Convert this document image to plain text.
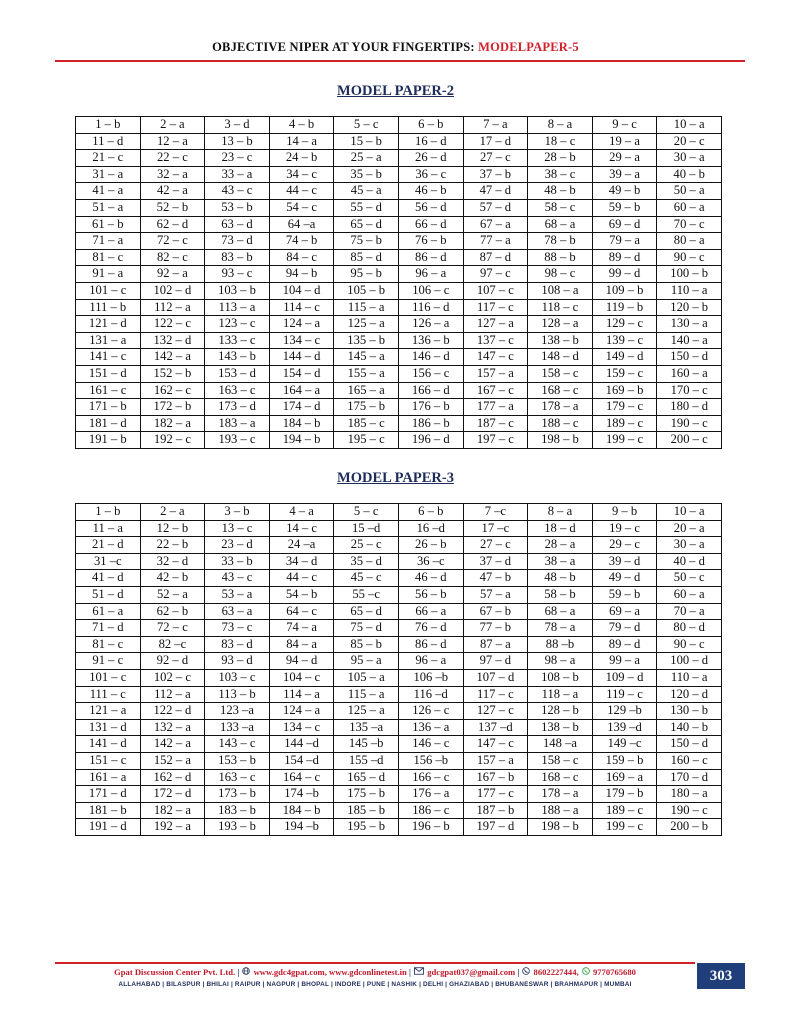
OBJECTIVE NIPER AT YOUR FINGERTIPS: MODELPAPER-5
MODEL PAPER-2
1 – b	2 – a	3 – d	4 – b	5 – c	6 – b	7 – a	8 – a	9 – c	10 – a
11 – d	12 – a	13 – b	14 – a	15 – b	16 – d	17 – d	18 – c	19 – a	20 – c
21 – c	22 – c	23 – c	24 – b	25 – a	26 – d	27 – c	28 – b	29 – a	30 – a
31 – a	32 – a	33 – a	34 – c	35 – b	36 – c	37 – b	38 – c	39 – a	40 – b
41 – a	42 – a	43 – c	44 – c	45 – a	46 – b	47 – d	48 – b	49 – b	50 – a
51 – a	52 – b	53 – b	54 – c	55 – d	56 – d	57 – d	58 – c	59 – b	60 – a
61 – b	62 – d	63 – d	64 –a	65 – d	66 – d	67 – a	68 – a	69 – d	70 – c
71 – a	72 – c	73 – d	74 – b	75 – b	76 – b	77 – a	78 – b	79 – a	80 – a
81 – c	82 – c	83 – b	84 – c	85 – d	86 – d	87 – d	88 – b	89 – d	90 – c
91 – a	92 – a	93 – c	94 – b	95 – b	96 – a	97 – c	98 – c	99 – d	100 – b
101 – c	102 – d	103 – b	104 – d	105 – b	106 – c	107 – c	108 – a	109 – b	110 – a
111 – b	112 – a	113 – a	114 – c	115 – a	116 – d	117 – c	118 – c	119 – b	120 – b
121 – d	122 – c	123 – c	124 – a	125 – a	126 – a	127 – a	128 – a	129 – c	130 – a
131 – a	132 – d	133 – c	134 – c	135 – b	136 – b	137 – c	138 – b	139 – c	140 – a
141 – c	142 – a	143 – b	144 – d	145 – a	146 – d	147 – c	148 – d	149 – d	150 – d
151 – d	152 – b	153 – d	154 – d	155 – a	156 – c	157 – a	158 – c	159 – c	160 – a
161 – c	162 – c	163 – c	164 – a	165 – a	166 – d	167 – c	168 – c	169 – b	170 – c
171 – b	172 – b	173 – d	174 – d	175 – b	176 – b	177 – a	178 – a	179 – c	180 – d
181 – d	182 – a	183 – a	184 – b	185 – c	186 – b	187 – c	188 – c	189 – c	190 – c
191 – b	192 – c	193 – c	194 – b	195 – c	196 – d	197 – c	198 – b	199 – c	200 – c
MODEL PAPER-3
1 – b	2 – a	3 – b	4 – a	5 – c	6 – b	7 –c	8 – a	9 – b	10 – a
11 – a	12 – b	13 – c	14 – c	15 –d	16 –d	17 –c	18 – d	19 – c	20 – a
21 – d	22 – b	23 – d	24 –a	25 – c	26 – b	27 – c	28 – a	29 – c	30 – a
31 –c	32 – d	33 – b	34 – d	35 – d	36 –c	37 – d	38 – a	39 – d	40 – d
41 – d	42 – b	43 – c	44 – c	45 – c	46 – d	47 – b	48 – b	49 – d	50 – c
51 – d	52 – a	53 – a	54 – b	55 –c	56 – b	57 – a	58 – b	59 – b	60 – a
61 – a	62 – b	63 – a	64 – c	65 – d	66 – a	67 – b	68 – a	69 – a	70 – a
71 – d	72 – c	73 – c	74 – a	75 – d	76 – d	77 – b	78 – a	79 – d	80 – d
81 – c	82 –c	83 – d	84 – a	85 – b	86 – d	87 – a	88 –b	89 – d	90 – c
91 – c	92 – d	93 – d	94 – d	95 – a	96 – a	97 – d	98 – a	99 – a	100 – d
101 – c	102 – c	103 – c	104 – c	105 – a	106 –b	107 – d	108 – b	109 – d	110 – a
111 – c	112 – a	113 – b	114 – a	115 – a	116 –d	117 – c	118 – a	119 – c	120 – d
121 – a	122 – d	123 –a	124 – a	125 – a	126 – c	127 – c	128 – b	129 –b	130 – b
131 – d	132 – a	133 –a	134 – c	135 –a	136 – a	137 –d	138 – b	139 –d	140 – b
141 – d	142 – a	143 – c	144 –d	145 –b	146 – c	147 – c	148 –a	149 –c	150 – d
151 – c	152 – a	153 – b	154 –d	155 –d	156 –b	157 – a	158 – c	159 – b	160 – c
161 – a	162 – d	163 – c	164 – c	165 – d	166 – c	167 – b	168 – c	169 – a	170 – d
171 – d	172 – d	173 – b	174 –b	175 – b	176 – a	177 – c	178 – a	179 – b	180 – a
181 – b	182 – a	183 – b	184 – b	185 – b	186 – c	187 – b	188 – a	189 – c	190 – c
191 – d	192 – a	193 – b	194 –b	195 – b	196 – b	197 – d	198 – b	199 – c	200 – b
Gpat Discussion Center Pvt. Ltd. |  www.gdc4gpat.com, www.gdconlinetest.in |  gdcgpat037@gmail.com |  8602227444, 9770765680
ALLAHABAD | BILASPUR | BHILAI | RAIPUR | NAGPUR | BHOPAL | INDORE | PUNE | NASHIK | DELHI | GHAZIABAD | BHUBANESWAR | BRAHMAPUR | MUMBAI
303
